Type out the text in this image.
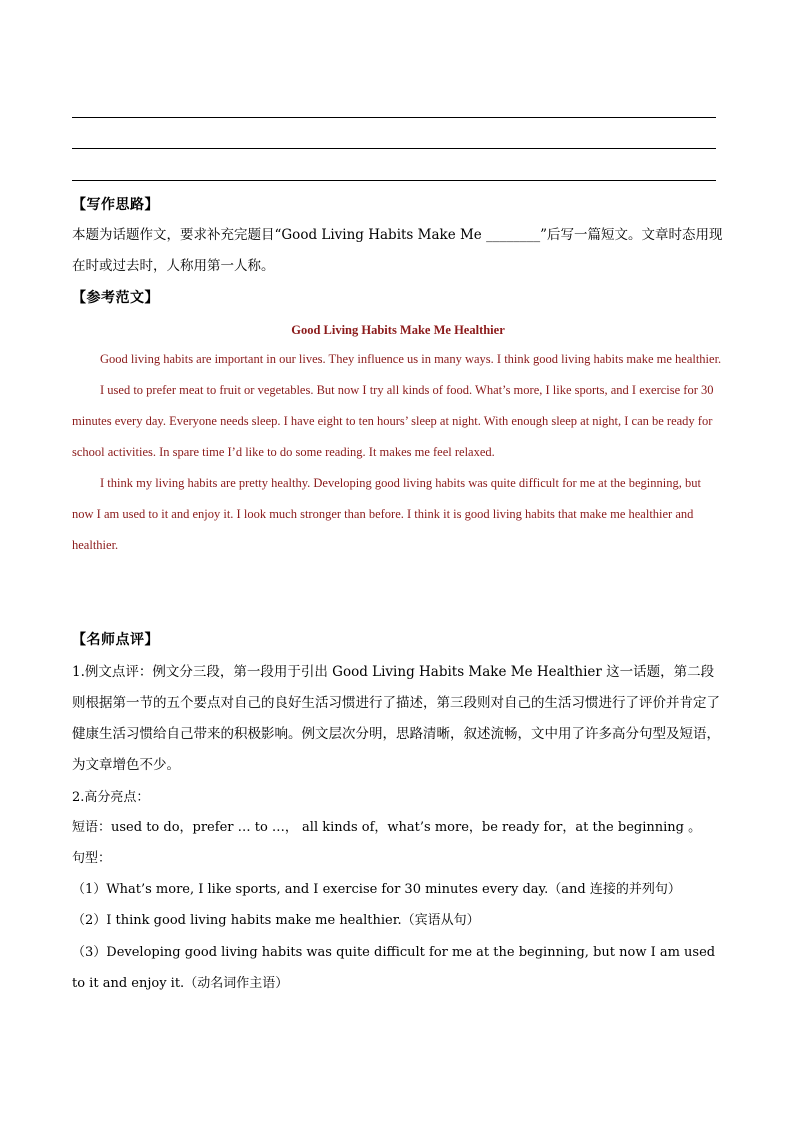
【写作思路】

本题为话题作文，要求补充完题目“Good Living Habits Make Me ________”后写一篇短文。文章时态用现在时或过去时，人称用第一人称。

【参考范文】
Good Living Habits Make Me Healthier

Good living habits are important in our lives. They influence us in many ways. I think good living habits make me healthier.

I used to prefer meat to fruit or vegetables. But now I try all kinds of food. What’s more, I like sports, and I exercise for 30 minutes every day. Everyone needs sleep. I have eight to ten hours’ sleep at night. With enough sleep at night, I can be ready for school activities. In spare time I’d like to do some reading. It makes me feel relaxed.

I think my living habits are pretty healthy. Developing good living habits was quite difficult for me at the beginning, but now I am used to it and enjoy it. I look much stronger than before. I think it is good living habits that make me healthier and healthier.

【名师点评】

1.例文点评：例文分三段，第一段用于引出 Good Living Habits Make Me Healthier 这一话题，第二段则根据第一节的五个要点对自己的良好生活习惯进行了描述，第三段则对自己的生活习惯进行了评价并肯定了健康生活习惯给自己带来的积极影响。例文层次分明，思路清晰，叙述流畅，文中用了许多高分句型及短语，为文章增色不少。

2.高分亮点：
短语：used to do，prefer … to …， all kinds of，what’s more，be ready for，at the beginning 。
句型：
（1）What’s more, I like sports, and I exercise for 30 minutes every day.（and 连接的并列句）
（2）I think good living habits make me healthier.（宾语从句）
（3）Developing good living habits was quite difficult for me at the beginning, but now I am used to it and enjoy it.（动名词作主语）
